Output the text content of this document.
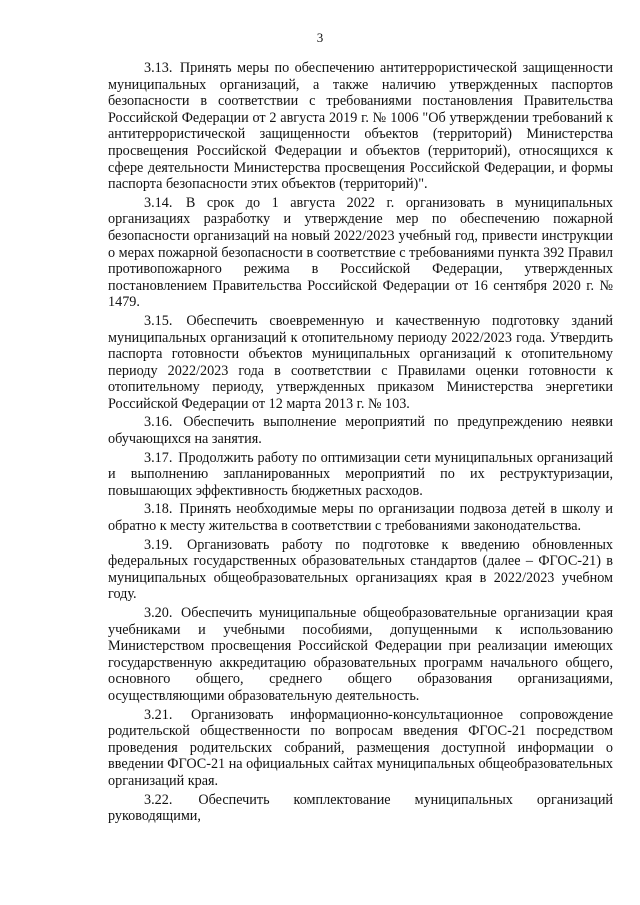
3

3.13. Принять меры по обеспечению антитеррористической защищенности муниципальных организаций, а также наличию утвержденных паспортов безопасности в соответствии с требованиями постановления Правительства Российской Федерации от 2 августа 2019 г. № 1006 "Об утверждении требований к антитеррористической защищенности объектов (территорий) Министерства просвещения Российской Федерации и объектов (территорий), относящихся к сфере деятельности Министерства просвещения Российской Федерации, и формы паспорта безопасности этих объектов (территорий)".

3.14. В срок до 1 августа 2022 г. организовать в муниципальных организациях разработку и утверждение мер по обеспечению пожарной безопасности организаций на новый 2022/2023 учебный год, привести инструкции о мерах пожарной безопасности в соответствие с требованиями пункта 392 Правил противопожарного режима в Российской Федерации, утвержденных постановлением Правительства Российской Федерации от 16 сентября 2020 г. № 1479.

3.15. Обеспечить своевременную и качественную подготовку зданий муниципальных организаций к отопительному периоду 2022/2023 года. Утвердить паспорта готовности объектов муниципальных организаций к отопительному периоду 2022/2023 года в соответствии с Правилами оценки готовности к отопительному периоду, утвержденных приказом Министерства энергетики Российской Федерации от 12 марта 2013 г. № 103.

3.16. Обеспечить выполнение мероприятий по предупреждению неявки обучающихся на занятия.

3.17. Продолжить работу по оптимизации сети муниципальных организаций и выполнению запланированных мероприятий по их реструктуризации, повышающих эффективность бюджетных расходов.

3.18. Принять необходимые меры по организации подвоза детей в школу и обратно к месту жительства в соответствии с требованиями законодательства.

3.19. Организовать работу по подготовке к введению обновленных федеральных государственных образовательных стандартов (далее – ФГОС-21) в муниципальных общеобразовательных организациях края в 2022/2023 учебном году.

3.20. Обеспечить муниципальные общеобразовательные организации края учебниками и учебными пособиями, допущенными к использованию Министерством просвещения Российской Федерации при реализации имеющих государственную аккредитацию образовательных программ начального общего, основного общего, среднего общего образования организациями, осуществляющими образовательную деятельность.

3.21. Организовать информационно-консультационное сопровождение родительской общественности по вопросам введения ФГОС-21 посредством проведения родительских собраний, размещения доступной информации о введении ФГОС-21 на официальных сайтах муниципальных общеобразовательных организаций края.

3.22. Обеспечить комплектование муниципальных организаций руководящими,
